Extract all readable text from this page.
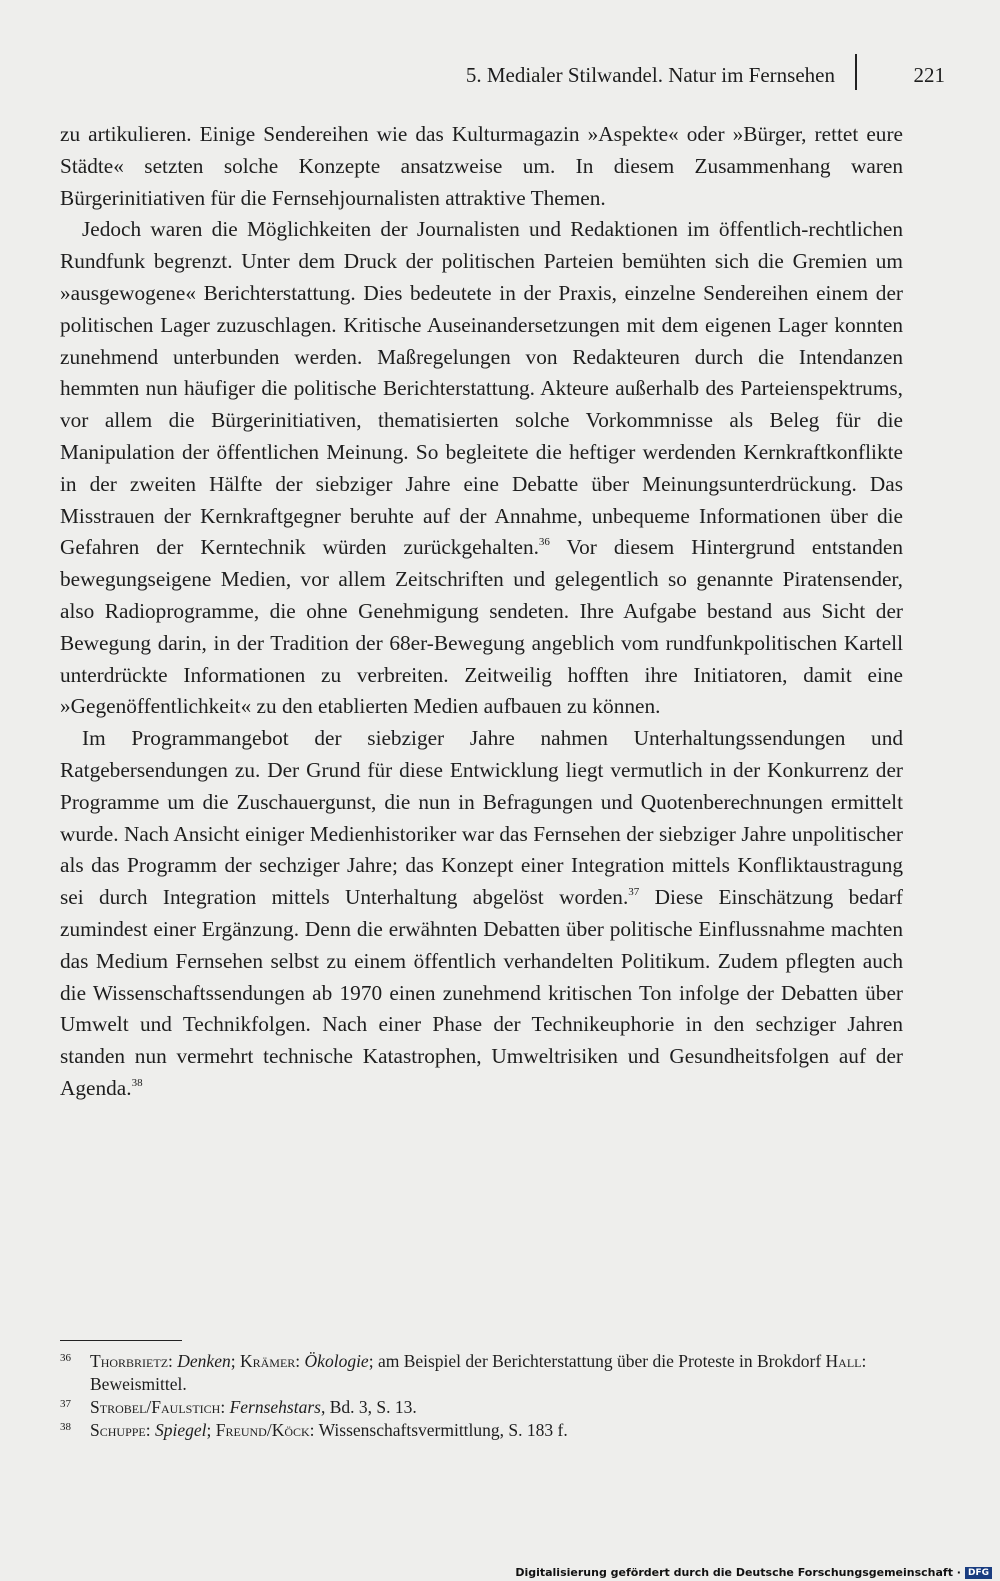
5. Medialer Stilwandel. Natur im Fernsehen	221

zu artikulieren. Einige Sendereihen wie das Kulturmagazin »Aspekte« oder »Bürger, rettet eure Städte« setzten solche Konzepte ansatzweise um. In diesem Zusammenhang waren Bürgerinitiativen für die Fernsehjournalisten attraktive Themen.

Jedoch waren die Möglichkeiten der Journalisten und Redaktionen im öffentlich-rechtlichen Rundfunk begrenzt. Unter dem Druck der politischen Parteien bemühten sich die Gremien um »ausgewogene« Berichterstattung. Dies bedeutete in der Praxis, einzelne Sendereihen einem der politischen Lager zuzuschlagen. Kritische Auseinandersetzungen mit dem eigenen Lager konnten zunehmend unterbunden werden. Maßregelungen von Redakteuren durch die Intendanzen hemmten nun häufiger die politische Berichterstattung. Akteure außerhalb des Parteienspektrums, vor allem die Bürgerinitiativen, thematisierten solche Vorkommnisse als Beleg für die Manipulation der öffentlichen Meinung. So begleitete die heftiger werdenden Kernkraftkonflikte in der zweiten Hälfte der siebziger Jahre eine Debatte über Meinungsunterdrückung. Das Misstrauen der Kernkraftgegner beruhte auf der Annahme, unbequeme Informationen über die Gefahren der Kerntechnik würden zurückgehalten.$^{36}$ Vor diesem Hintergrund entstanden bewegungseigene Medien, vor allem Zeitschriften und gelegentlich so genannte Piratensender, also Radioprogramme, die ohne Genehmigung sendeten. Ihre Aufgabe bestand aus Sicht der Bewegung darin, in der Tradition der 68er-Bewegung angeblich vom rundfunkpolitischen Kartell unterdrückte Informationen zu verbreiten. Zeitweilig hofften ihre Initiatoren, damit eine »Gegenöffentlichkeit« zu den etablierten Medien aufbauen zu können.

Im Programmangebot der siebziger Jahre nahmen Unterhaltungssendungen und Ratgebersendungen zu. Der Grund für diese Entwicklung liegt vermutlich in der Konkurrenz der Programme um die Zuschauergunst, die nun in Befragungen und Quotenberechnungen ermittelt wurde. Nach Ansicht einiger Medienhistoriker war das Fernsehen der siebziger Jahre unpolitischer als das Programm der sechziger Jahre; das Konzept einer Integration mittels Konfliktaustragung sei durch Integration mittels Unterhaltung abgelöst worden.$^{37}$ Diese Einschätzung bedarf zumindest einer Ergänzung. Denn die erwähnten Debatten über politische Einflussnahme machten das Medium Fernsehen selbst zu einem öffentlich verhandelten Politikum. Zudem pflegten auch die Wissenschaftssendungen ab 1970 einen zunehmend kritischen Ton infolge der Debatten über Umwelt und Technikfolgen. Nach einer Phase der Technikeuphorie in den sechziger Jahren standen nun vermehrt technische Katastrophen, Umweltrisiken und Gesundheitsfolgen auf der Agenda.$^{38}$

36 Thorbrietz: Denken; Krämer: Ökologie; am Beispiel der Berichterstattung über die Proteste in Brokdorf Hall: Beweismittel.

37 Strobel/Faulstich: Fernsehstars, Bd. 3, S. 13.

38 Schuppe: Spiegel; Freund/Köck: Wissenschaftsvermittlung, S. 183 f.

Digitalisierung gefördert durch die Deutsche Forschungsgemeinschaft · DFG
